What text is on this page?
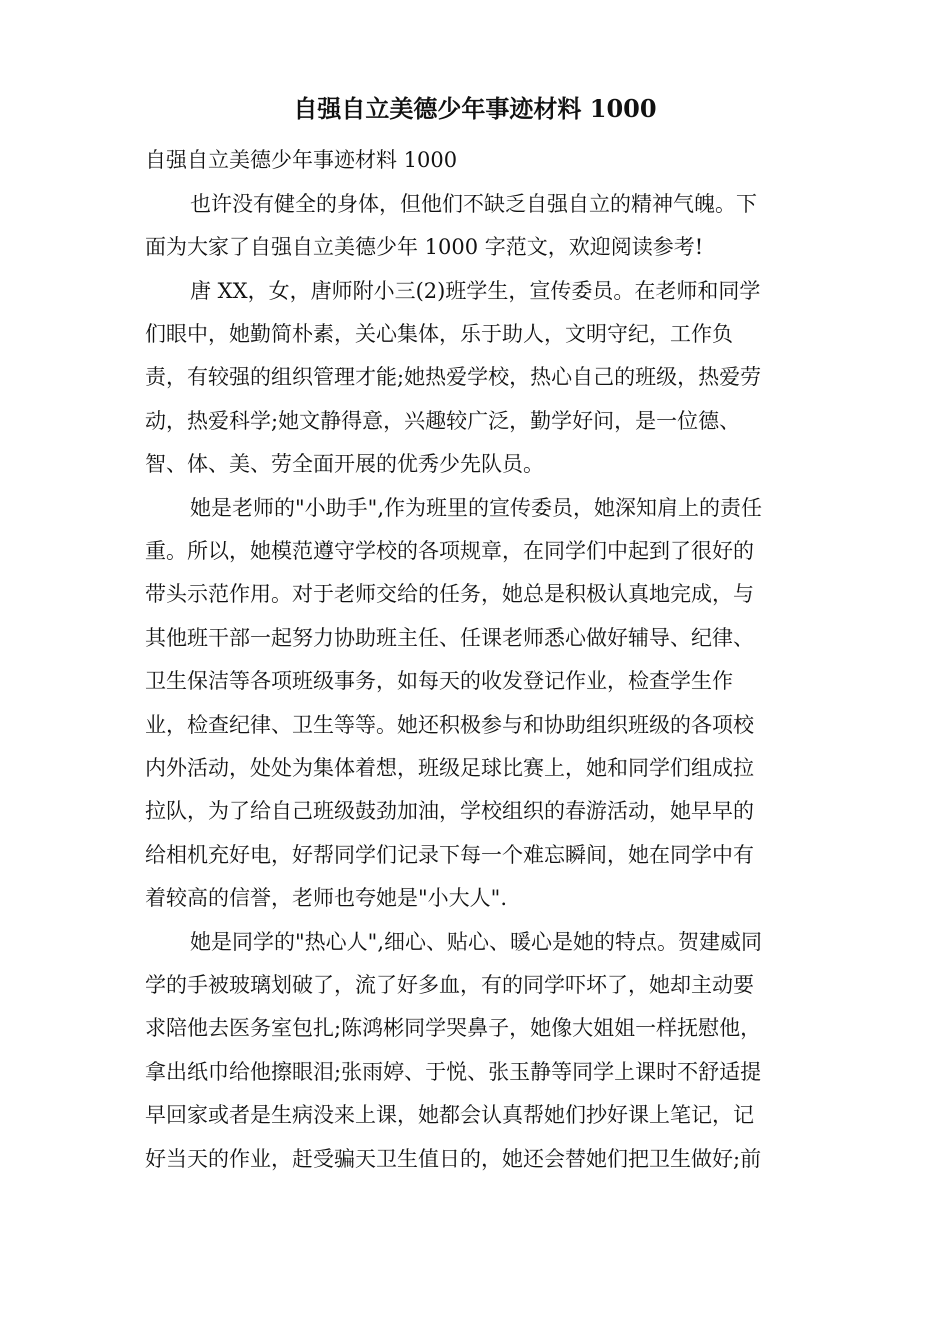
自强自立美德少年事迹材料 1000

自强自立美德少年事迹材料 1000

也许没有健全的身体，但他们不缺乏自强自立的精神气魄。下

面为大家了自强自立美德少年 1000 字范文，欢迎阅读参考!

唐 XX，女，唐师附小三(2)班学生，宣传委员。在老师和同学

们眼中，她勤简朴素，关心集体，乐于助人，文明守纪，工作负

责，有较强的组织管理才能;她热爱学校，热心自己的班级，热爱劳

动，热爱科学;她文静得意，兴趣较广泛，勤学好问，是一位德、

智、体、美、劳全面开展的优秀少先队员。

她是老师的"小助手",作为班里的宣传委员，她深知肩上的责任

重。所以，她模范遵守学校的各项规章，在同学们中起到了很好的

带头示范作用。对于老师交给的任务，她总是积极认真地完成，与

其他班干部一起努力协助班主任、任课老师悉心做好辅导、纪律、

卫生保洁等各项班级事务，如每天的收发登记作业，检查学生作

业，检查纪律、卫生等等。她还积极参与和协助组织班级的各项校

内外活动，处处为集体着想，班级足球比赛上，她和同学们组成拉

拉队，为了给自己班级鼓劲加油，学校组织的春游活动，她早早的

给相机充好电，好帮同学们记录下每一个难忘瞬间，她在同学中有

着较高的信誉，老师也夸她是"小大人".

她是同学的"热心人",细心、贴心、暖心是她的特点。贺建威同

学的手被玻璃划破了，流了好多血，有的同学吓坏了，她却主动要

求陪他去医务室包扎;陈鸿彬同学哭鼻子，她像大姐姐一样抚慰他，

拿出纸巾给他擦眼泪;张雨婷、于悦、张玉静等同学上课时不舒适提

早回家或者是生病没来上课，她都会认真帮她们抄好课上笔记，记

好当天的作业，赶受骗天卫生值日的，她还会替她们把卫生做好;前
